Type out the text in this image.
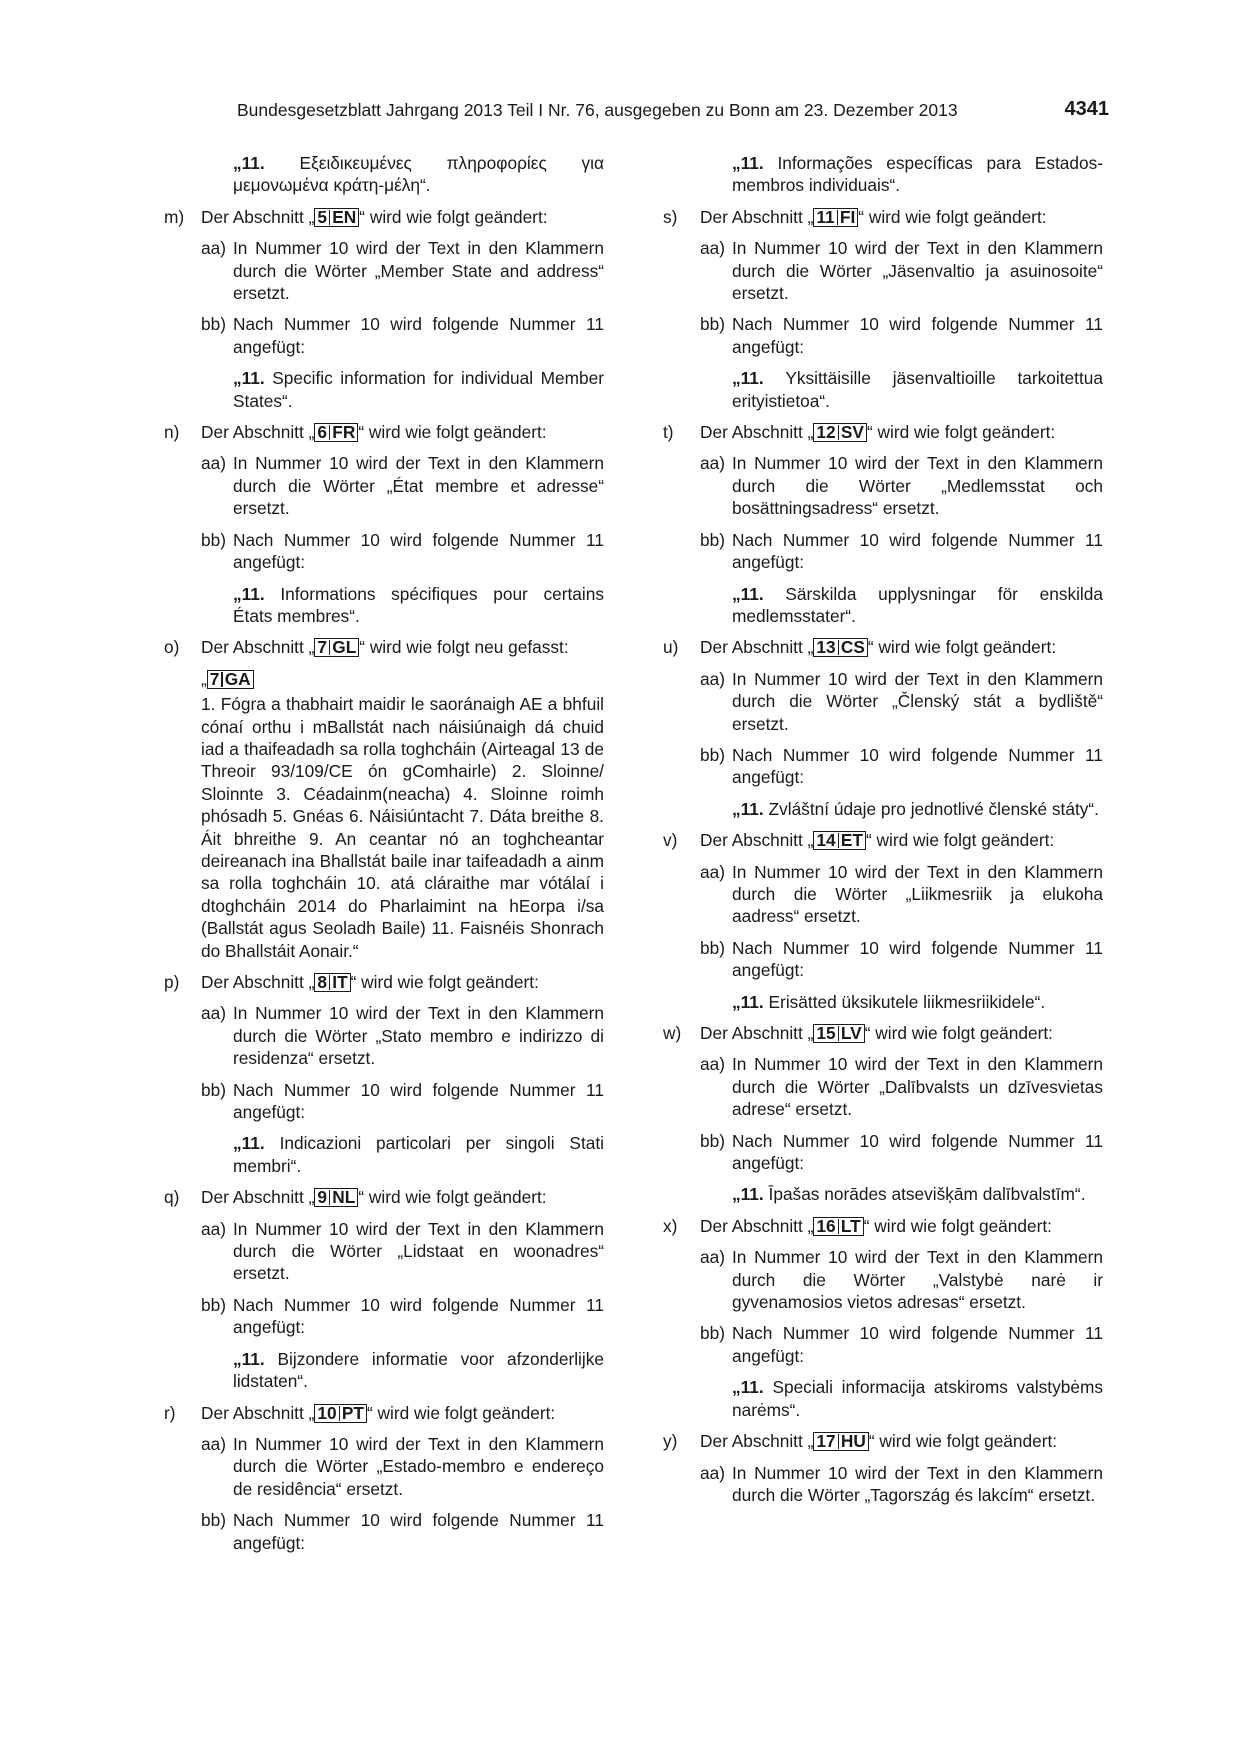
Bundesgesetzblatt Jahrgang 2013 Teil I Nr. 76, ausgegeben zu Bonn am 23. Dezember 2013	4341
„11. Εξειδικευμένες πληροφορίες για μεμονωμένα κράτη-μέλη“.
m) Der Abschnitt „ 5 EN “ wird wie folgt geändert:
aa) In Nummer 10 wird der Text in den Klammern durch die Wörter „Member State and address“ ersetzt.
bb) Nach Nummer 10 wird folgende Nummer 11 angefügt:
„11. Specific information for individual Member States“.
n) Der Abschnitt „ 6 FR “ wird wie folgt geändert:
aa) In Nummer 10 wird der Text in den Klammern durch die Wörter „État membre et adresse“ ersetzt.
bb) Nach Nummer 10 wird folgende Nummer 11 angefügt:
„11. Informations spécifiques pour certains États membres“.
o) Der Abschnitt „ 7 GL “ wird wie folgt neu gefasst:
„ 7 GA
1. Fógra a thabhairt maidir le saoránaigh AE a bhfuil cónaí orthu i mBallstát nach náisiúnaigh dá chuid iad a thaifeadadh sa rolla toghcháin (Airteagal 13 de Threoir 93/109/CE ón gComhairle) 2. Sloinne/ Sloinnte 3. Céadainm(neacha) 4. Sloinne roimh phósadh 5. Gnéas 6. Náisiúntacht 7. Dáta breithe 8. Áit bhreithe 9. An ceantar nó an toghcheantar deireanach ina Bhallstát baile inar taifeadadh a ainm sa rolla toghcháin 10. atá cláraithe mar vótálaí i dtoghcháin 2014 do Pharlaimint na hEorpa i/sa (Ballstát agus Seoladh Baile) 11. Faisnéis Shonrach do Bhallstáit Aonair.“
p) Der Abschnitt „ 8 IT “ wird wie folgt geändert:
aa) In Nummer 10 wird der Text in den Klammern durch die Wörter „Stato membro e indirizzo di residenza“ ersetzt.
bb) Nach Nummer 10 wird folgende Nummer 11 angefügt:
„11. Indicazioni particolari per singoli Stati membri“.
q) Der Abschnitt „ 9 NL “ wird wie folgt geändert:
aa) In Nummer 10 wird der Text in den Klammern durch die Wörter „Lidstaat en woonadres“ ersetzt.
bb) Nach Nummer 10 wird folgende Nummer 11 angefügt:
„11. Bijzondere informatie voor afzonderlijke lidstaten“.
r) Der Abschnitt „ 10 PT “ wird wie folgt geändert:
aa) In Nummer 10 wird der Text in den Klammern durch die Wörter „Estado-membro e endereço de residência“ ersetzt.
bb) Nach Nummer 10 wird folgende Nummer 11 angefügt:
„11. Informações específicas para Estados-membros individuais“.
s) Der Abschnitt „ 11 FI “ wird wie folgt geändert:
aa) In Nummer 10 wird der Text in den Klammern durch die Wörter „Jäsenvaltio ja asuinosoite“ ersetzt.
bb) Nach Nummer 10 wird folgende Nummer 11 angefügt:
„11. Yksittäisille jäsenvaltioille tarkoitettua erityistietoa“.
t) Der Abschnitt „ 12 SV “ wird wie folgt geändert:
aa) In Nummer 10 wird der Text in den Klammern durch die Wörter „Medlemsstat och bosättningsadress“ ersetzt.
bb) Nach Nummer 10 wird folgende Nummer 11 angefügt:
„11. Särskilda upplysningar för enskilda medlemsstater“.
u) Der Abschnitt „ 13 CS “ wird wie folgt geändert:
aa) In Nummer 10 wird der Text in den Klammern durch die Wörter „Členský stát a bydliště“ ersetzt.
bb) Nach Nummer 10 wird folgende Nummer 11 angefügt:
„11. Zvláštní údaje pro jednotlivé členské státy“.
v) Der Abschnitt „ 14 ET “ wird wie folgt geändert:
aa) In Nummer 10 wird der Text in den Klammern durch die Wörter „Liikmesriik ja elukoha aadress“ ersetzt.
bb) Nach Nummer 10 wird folgende Nummer 11 angefügt:
„11. Erisätted üksikutele liikmesriikidele“.
w) Der Abschnitt „ 15 LV “ wird wie folgt geändert:
aa) In Nummer 10 wird der Text in den Klammern durch die Wörter „Dalībvalsts un dzīvesvietas adrese“ ersetzt.
bb) Nach Nummer 10 wird folgende Nummer 11 angefügt:
„11. Īpašas norādes atsevišķām dalībvalstīm“.
x) Der Abschnitt „ 16 LT “ wird wie folgt geändert:
aa) In Nummer 10 wird der Text in den Klammern durch die Wörter „Valstybė narė ir gyvenamosios vietos adresas“ ersetzt.
bb) Nach Nummer 10 wird folgende Nummer 11 angefügt:
„11. Speciali informacija atskiroms valstybėms narėms“.
y) Der Abschnitt „ 17 HU “ wird wie folgt geändert:
aa) In Nummer 10 wird der Text in den Klammern durch die Wörter „Tagország és lakcím“ ersetzt.
